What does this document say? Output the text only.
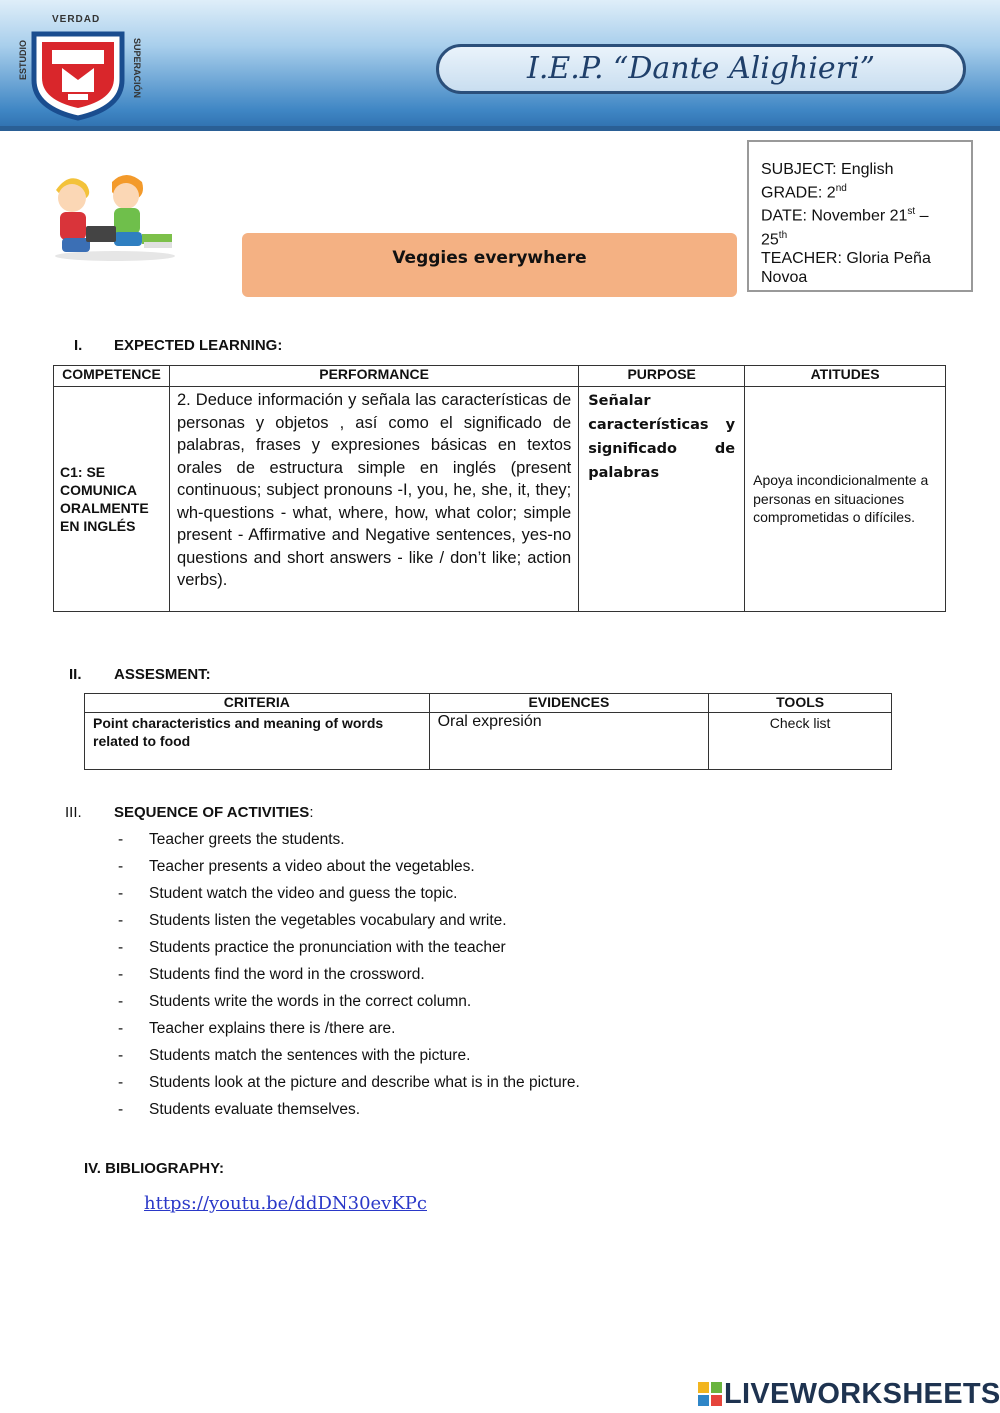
VERDAD
ESTUDIO	SUPERACIÓN	I.E.P. “Dante Alighieri”
Veggies everywhere
SUBJECT: English
GRADE: 2nd
DATE: November 21st –
25th
TEACHER: Gloria Peña Novoa
I. EXPECTED LEARNING:
COMPETENCE	PERFORMANCE	PURPOSE	ATITUDES
C1: SE COMUNICA ORALMENTE EN INGLÉS	2. Deduce información y señala las características de personas y objetos , así como el significado de palabras, frases y expresiones básicas en textos orales de estructura simple en inglés (present continuous; subject pronouns -I, you, he, she, it, they; wh-questions - what, where, how, what color; simple present - Affirmative and Negative sentences, yes-no questions and short answers - like / don’t like; action verbs).	Señalar características y significado de palabras	Apoya incondicionalmente a personas en situaciones comprometidas o difíciles.
II. ASSESMENT:
CRITERIA	EVIDENCES	TOOLS
Point characteristics and meaning of words related to food	Oral expresión	Check list
III. SEQUENCE OF ACTIVITIES:
- Teacher greets the students.
- Teacher presents a video about the vegetables.
- Student watch the video and guess the topic.
- Students listen the vegetables vocabulary and write.
- Students practice the pronunciation with the teacher
- Students find the word in the crossword.
- Students write the words in the correct column.
- Teacher explains there is /there are.
- Students match the sentences with the picture.
- Students look at the picture and describe what is in the picture.
- Students evaluate themselves.
IV. BIBLIOGRAPHY:
https://youtu.be/ddDN30evKPc
LIVEWORKSHEETS
